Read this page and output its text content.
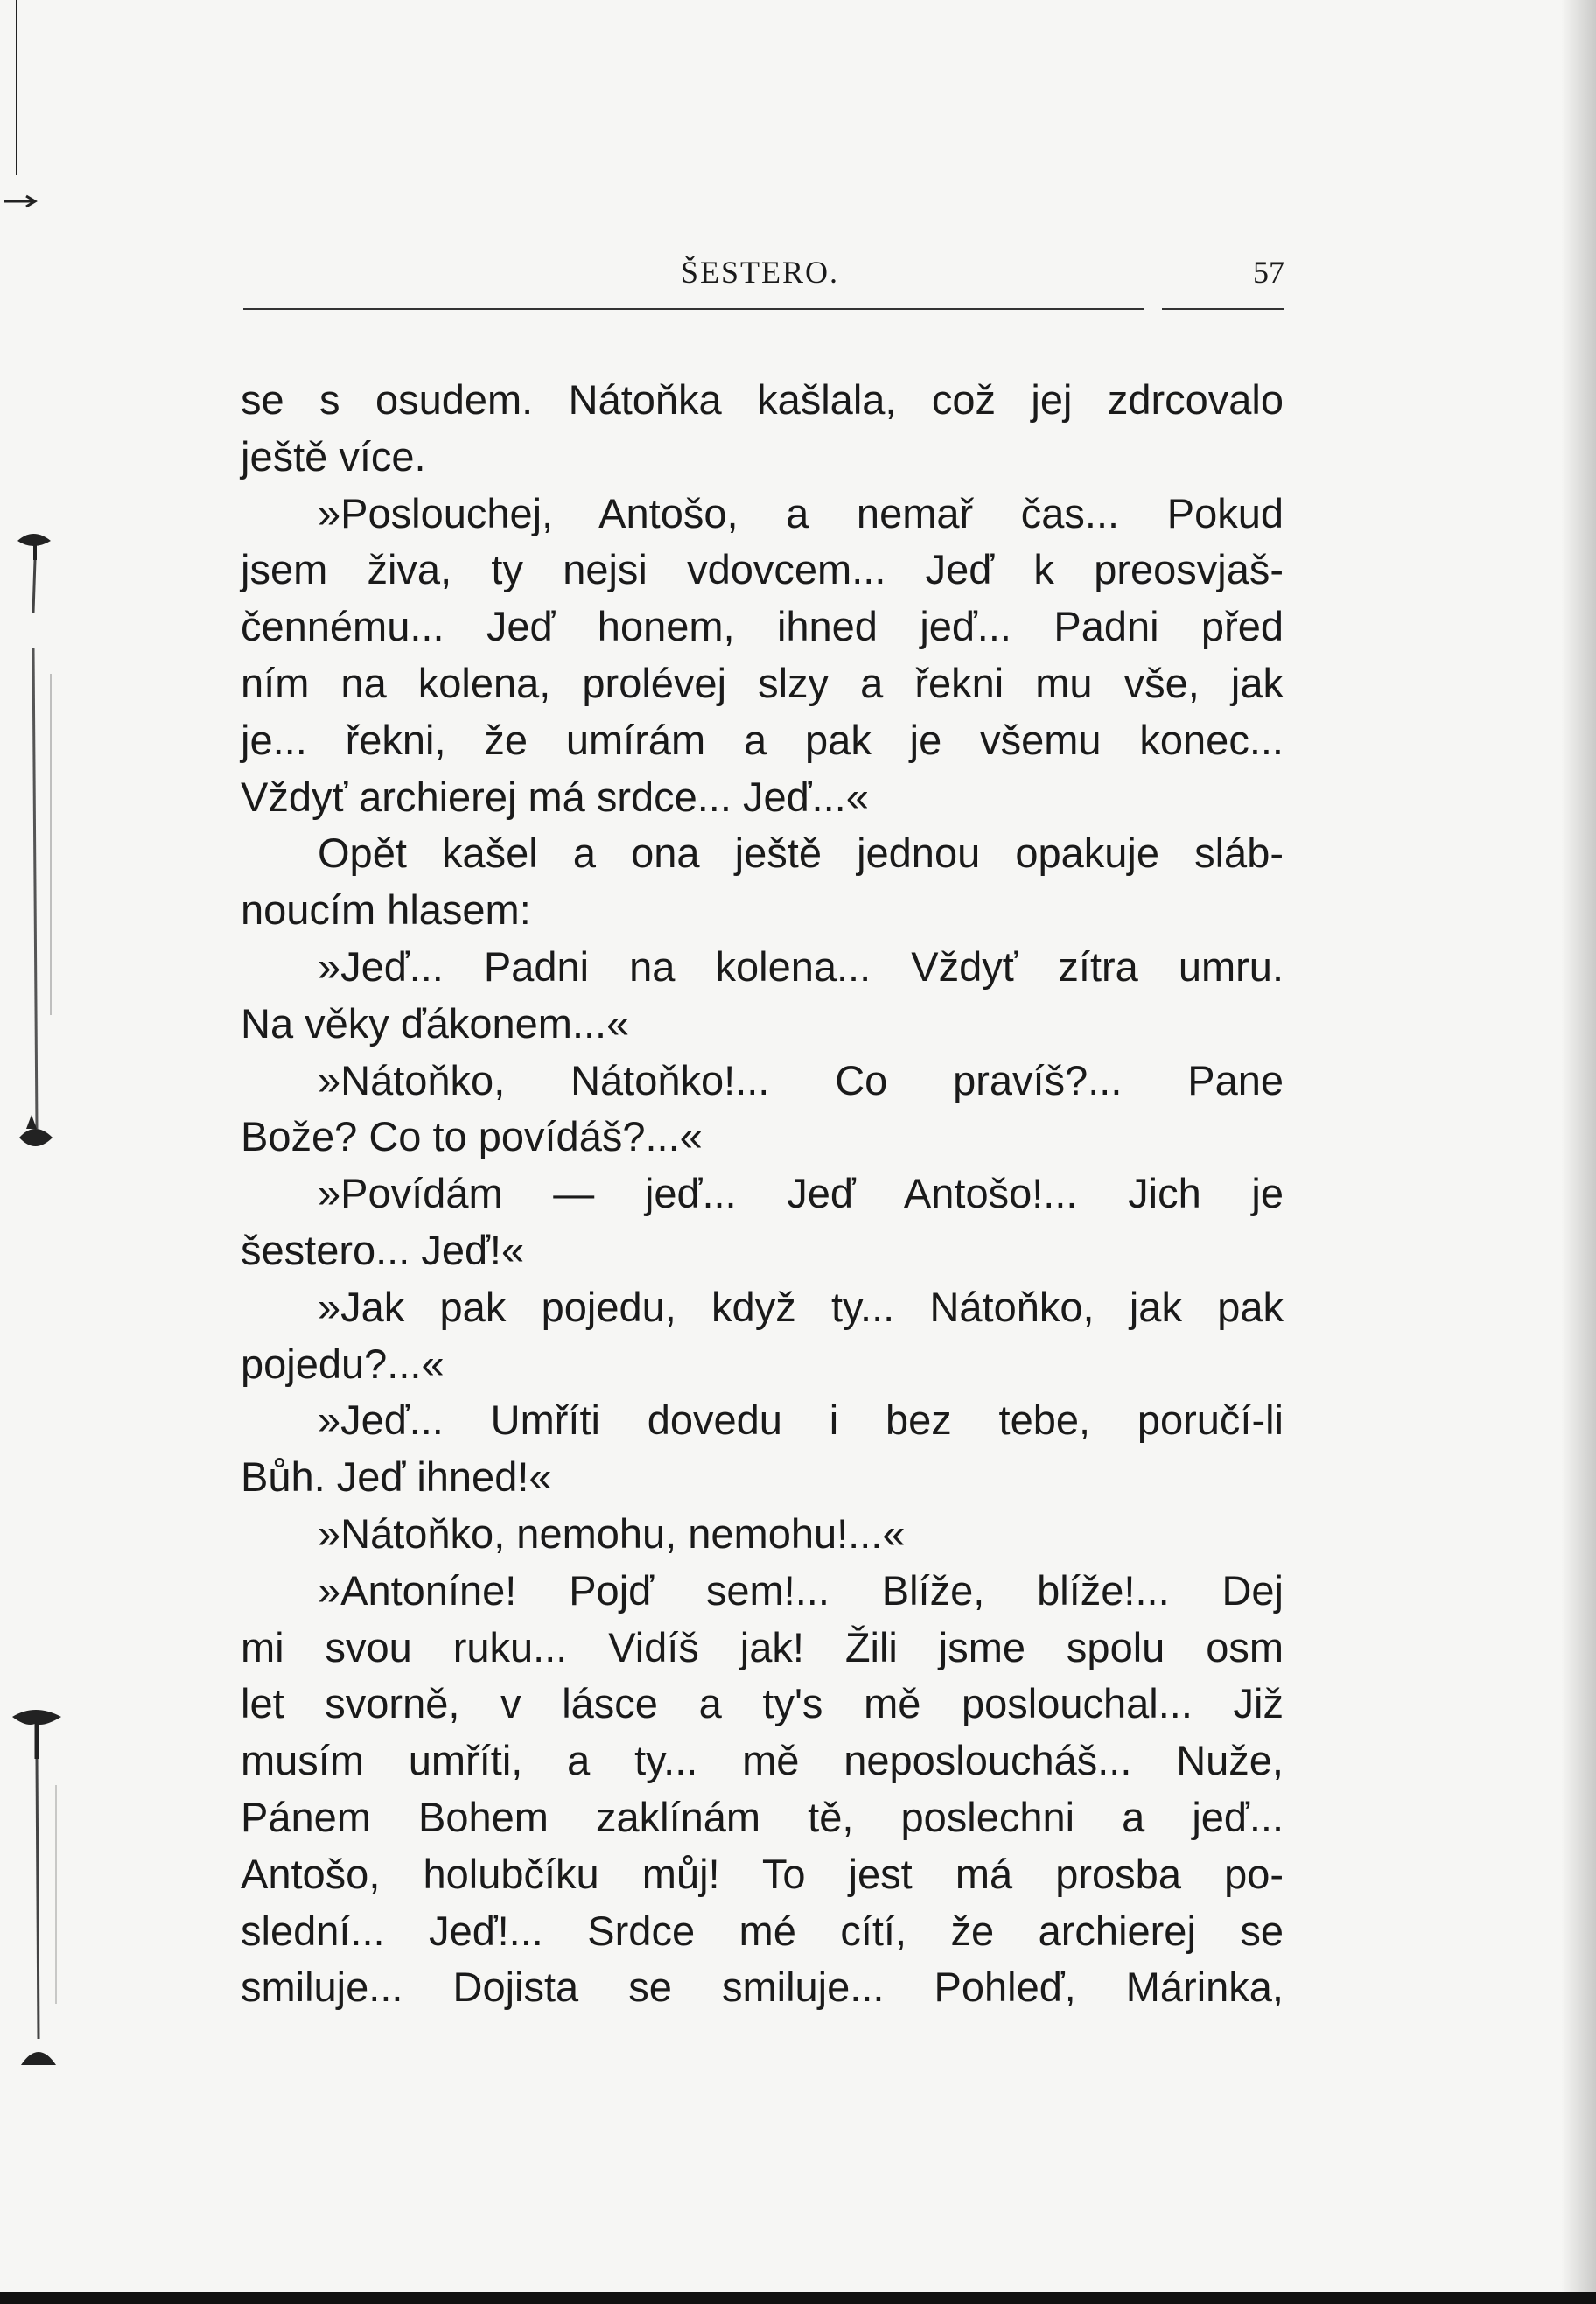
ŠESTERO.	57
se s osudem. Nátoňka kašlala, což jej zdrcovalo
ještě více.
»Poslouchej, Antošo, a nemař čas... Pokud
jsem živa, ty nejsi vdovcem... Jeď k preosvjaš-
čennému... Jeď honem, ihned jeď... Padni před
ním na kolena, prolévej slzy a řekni mu vše, jak
je... řekni, že umírám a pak je všemu konec...
Vždyť archierej má srdce... Jeď...«
Opět kašel a ona ještě jednou opakuje sláb-
noucím hlasem:
»Jeď... Padni na kolena... Vždyť zítra umru.
Na věky ďákonem...«
»Nátoňko, Nátoňko!... Co pravíš?... Pane
Bože? Co to povídáš?...«
»Povídám — jeď... Jeď Antošo!... Jich je
šestero... Jeď!«
»Jak pak pojedu, když ty... Nátoňko, jak pak
pojedu?...«
»Jeď... Umříti dovedu i bez tebe, poručí-li
Bůh. Jeď ihned!«
»Nátoňko, nemohu, nemohu!...«
»Antoníne! Pojď sem!... Blíže, blíže!... Dej
mi svou ruku... Vidíš jak! Žili jsme spolu osm
let svorně, v lásce a ty's mě poslouchal... Již
musím umříti, a ty... mě neposloucháš... Nuže,
Pánem Bohem zaklínám tě, poslechni a jeď...
Antošo, holubčíku můj! To jest má prosba po-
slední... Jeď!... Srdce mé cítí, že archierej se
smiluje... Dojista se smiluje... Pohleď, Márinka,
